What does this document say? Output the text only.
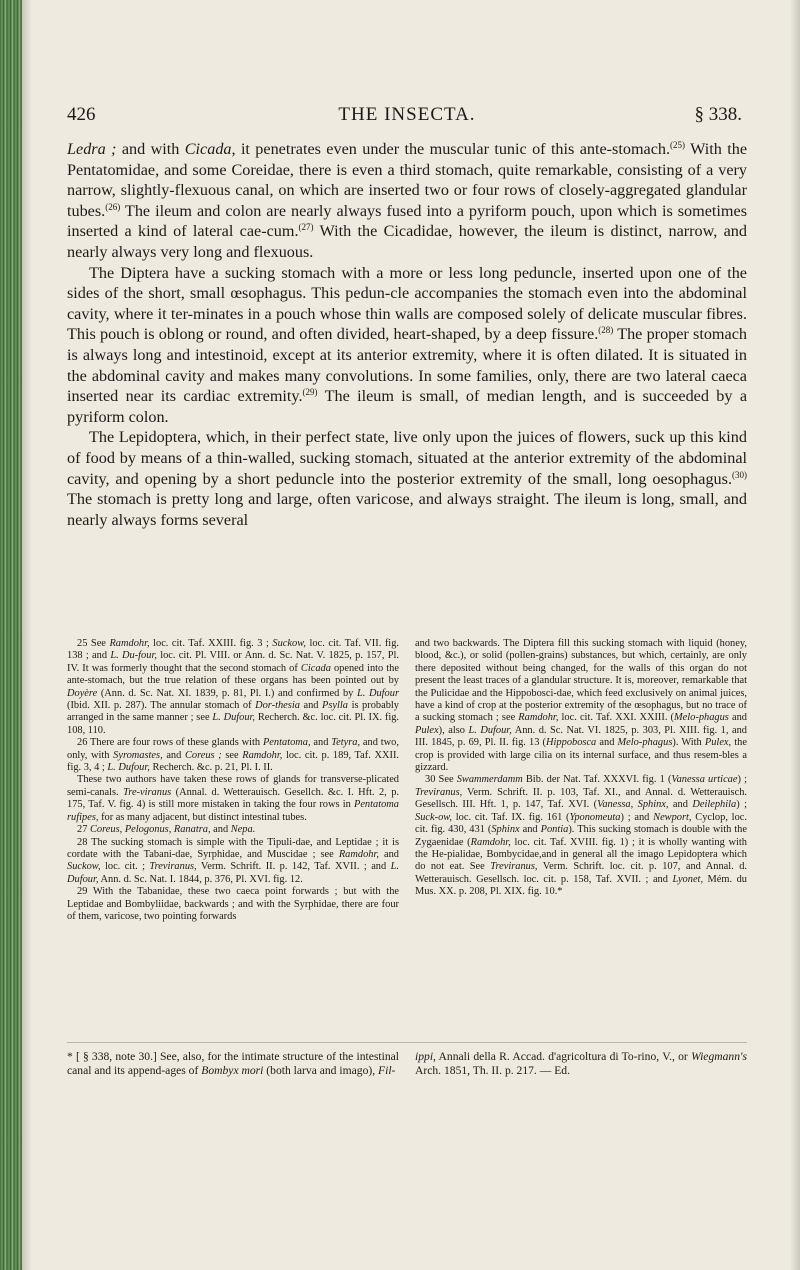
426	THE INSECTA.	§ 338.

Ledra ; and with Cicada, it penetrates even under the muscular tunic of this ante-stomach.$^{(25)}$ With the Pentatomidae, and some Coreidae, there is even a third stomach, quite remarkable, consisting of a very narrow, slightly-flexuous canal, on which are inserted two or four rows of closely-aggregated glandular tubes.$^{(26)}$ The ileum and colon are nearly always fused into a pyriform pouch, upon which is sometimes inserted a kind of lateral cae-cum.$^{(27)}$ With the Cicadidae, however, the ileum is distinct, narrow, and nearly always very long and flexuous.

The Diptera have a sucking stomach with a more or less long peduncle, inserted upon one of the sides of the short, small œsophagus. This pedun-cle accompanies the stomach even into the abdominal cavity, where it ter-minates in a pouch whose thin walls are composed solely of delicate muscular fibres. This pouch is oblong or round, and often divided, heart-shaped, by a deep fissure.$^{(28)}$ The proper stomach is always long and intestinoid, except at its anterior extremity, where it is often dilated. It is situated in the abdominal cavity and makes many convolutions. In some families, only, there are two lateral caeca inserted near its cardiac extremity.$^{(29)}$ The ileum is small, of median length, and is succeeded by a pyriform colon.

The Lepidoptera, which, in their perfect state, live only upon the juices of flowers, suck up this kind of food by means of a thin-walled, sucking stomach, situated at the anterior extremity of the abdominal cavity, and opening by a short peduncle into the posterior extremity of the small, long oesophagus.$^{(30)}$ The stomach is pretty long and large, often varicose, and always straight. The ileum is long, small, and nearly always forms several

25 See Ramdohr, loc. cit. Taf. XXIII. fig. 3 ; Suckow, loc. cit. Taf. VII. fig. 138 ; and L. Du-four, loc. cit. Pl. VIII. or Ann. d. Sc. Nat. V. 1825, p. 157, Pl. IV. It was formerly thought that the second stomach of Cicada opened into the ante-stomach, but the true relation of these organs has been pointed out by Doyère (Ann. d. Sc. Nat. XI. 1839, p. 81, Pl. I.) and confirmed by L. Dufour (Ibid. XII. p. 287). The annular stomach of Dor-thesia and Psylla is probably arranged in the same manner ; see L. Dufour, Recherch. &c. loc. cit. Pl. IX. fig. 108, 110.

26 There are four rows of these glands with Pentatoma, and Tetyra, and two, only, with Syromastes, and Coreus ; see Ramdohr, loc. cit. p. 189, Taf. XXII. fig. 3, 4 ; L. Dufour, Recherch. &c. p. 21, Pl. I. II.

These two authors have taken these rows of glands for transverse-plicated semi-canals. Tre-viranus (Annal. d. Wetterauisch. Gesellch. &c. I. Hft. 2, p. 175, Taf. V. fig. 4) is still more mistaken in taking the four rows in Pentatoma rufipes, for as many adjacent, but distinct intestinal tubes.

27 Coreus, Pelogonus, Ranatra, and Nepa.

28 The sucking stomach is simple with the Tipuli-dae, and Leptidae ; it is cordate with the Tabani-dae, Syrphidae, and Muscidae ; see Ramdohr, and Suckow, loc. cit. ; Treviranus, Verm. Schrift. II. p. 142, Taf. XVII. ; and L. Dufour, Ann. d. Sc. Nat. I. 1844, p. 376, Pl. XVI. fig. 12.

29 With the Tabanidae, these two caeca point forwards ; but with the Leptidae and Bombyliidae, backwards ; and with the Syrphidae, there are four of them, varicose, two pointing forwards

and two backwards. The Diptera fill this sucking stomach with liquid (honey, blood, &c.), or solid (pollen-grains) substances, but which, certainly, are only there deposited without being changed, for the walls of this organ do not present the least traces of a glandular structure. It is, moreover, remarkable that the Pulicidae and the Hippobosci-dae, which feed exclusively on animal juices, have a kind of crop at the posterior extremity of the œsophagus, but no trace of a sucking stomach ; see Ramdohr, loc. cit. Taf. XXI. XXIII. (Melo-phagus and Pulex), also L. Dufour, Ann. d. Sc. Nat. VI. 1825, p. 303, Pl. XIII. fig. 1, and III. 1845, p. 69, Pl. II. fig. 13 (Hippobosca and Melo-phagus). With Pulex, the crop is provided with large cilia on its internal surface, and thus resem-bles a gizzard.

30 See Swammerdamm Bib. der Nat. Taf. XXXVI. fig. 1 (Vanessa urticae) ; Treviranus, Verm. Schrift. II. p. 103, Taf. XI., and Annal. d. Wetterauisch. Gesellsch. III. Hft. 1, p. 147, Taf. XVI. (Vanessa, Sphinx, and Deilephila) ; Suck-ow, loc. cit. Taf. IX. fig. 161 (Yponomeuta) ; and Newport, Cyclop, loc. cit. fig. 430, 431 (Sphinx and Pontia). This sucking stomach is double with the Zygaenidae (Ramdohr, loc. cit. Taf. XVIII. fig. 1) ; it is wholly wanting with the He-pialidae, Bombycidae,and in general all the imago Lepidoptera which do not eat. See Treviranus, Verm. Schrift. loc. cit. p. 107, and Annal. d. Wetterauisch. Gesellsch. loc. cit. p. 158, Taf. XVII. ; and Lyonet, Mém. du Mus. XX. p. 208, Pl. XIX. fig. 10.*

* [ § 338, note 30.] See, also, for the intimate structure of the intestinal canal and its append-ages of Bombyx mori (both larva and imago), Fil-

ippi, Annali della R. Accad. d'agricoltura di To-rino, V., or Wiegmann's Arch. 1851, Th. II. p. 217. — Ed.
